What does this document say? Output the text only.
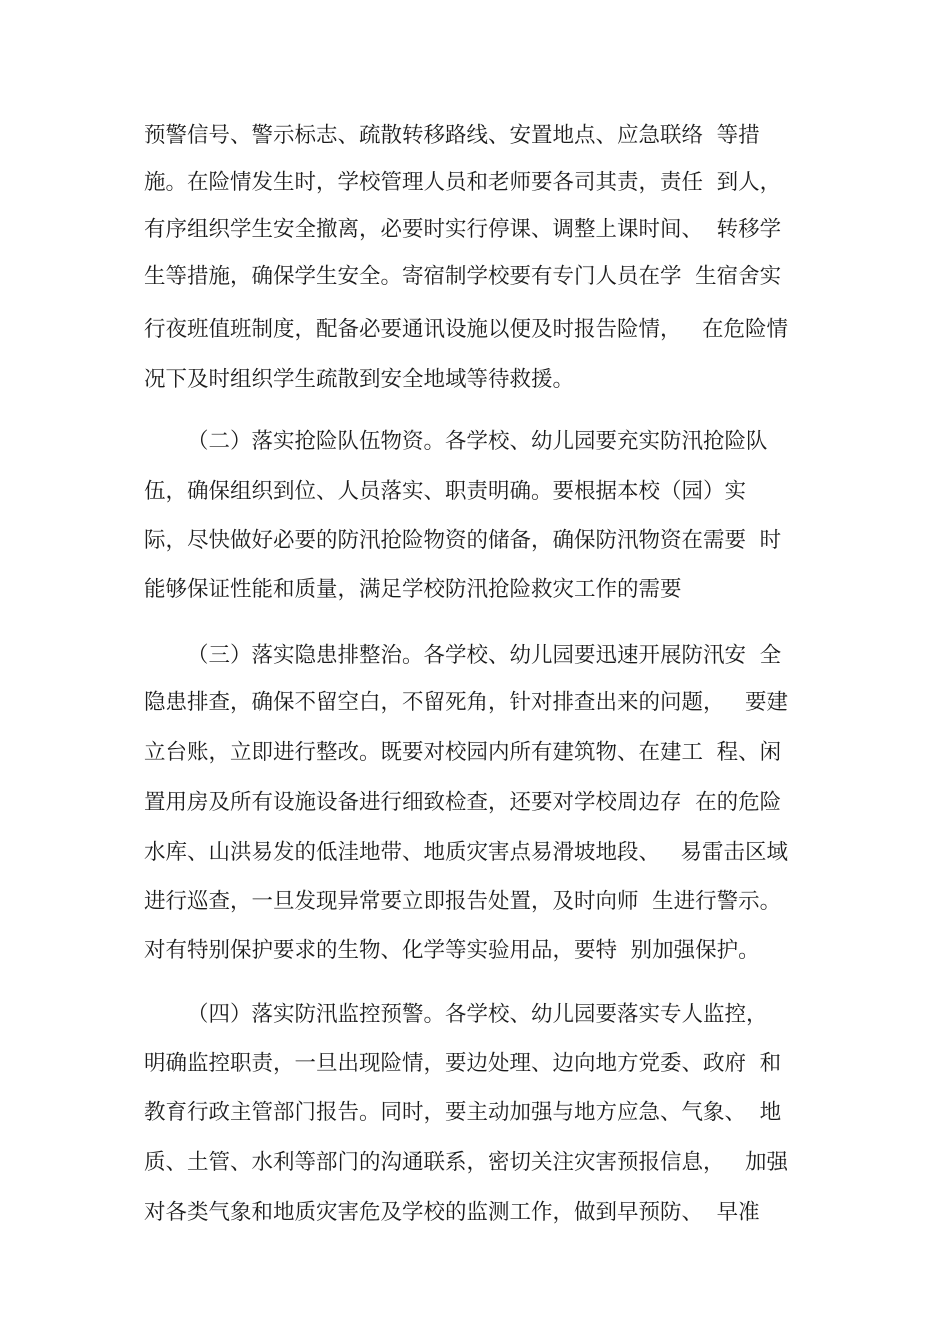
预警信号、警示标志、疏散转移路线、安置地点、应急联络  等措
施。在险情发生时，学校管理人员和老师要各司其责，责任  到人，
有序组织学生安全撤离，必要时实行停课、调整上课时间、  转移学
生等措施，确保学生安全。寄宿制学校要有专门人员在学  生宿舍实
行夜班值班制度，配备必要通讯设施以便及时报告险情，   在危险情
况下及时组织学生疏散到安全地域等待救援。
（二）落实抢险队伍物资。各学校、幼儿园要充实防汛抢险队
伍，确保组织到位、人员落实、职责明确。要根据本校（园）实
际，尽快做好必要的防汛抢险物资的储备，确保防汛物资在需要  时
能够保证性能和质量，满足学校防汛抢险救灾工作的需要
（三）落实隐患排整治。各学校、幼儿园要迅速开展防汛安  全
隐患排查，确保不留空白，不留死角，针对排查出来的问题，   要建
立台账，立即进行整改。既要对校园内所有建筑物、在建工  程、闲
置用房及所有设施设备进行细致检查，还要对学校周边存  在的危险
水库、山洪易发的低洼地带、地质灾害点易滑坡地段、   易雷击区域
进行巡查，一旦发现异常要立即报告处置，及时向师  生进行警示。
对有特别保护要求的生物、化学等实验用品，要特  别加强保护。
（四）落实防汛监控预警。各学校、幼儿园要落实专人监控，
明确监控职责，一旦出现险情，要边处理、边向地方党委、政府  和
教育行政主管部门报告。同时，要主动加强与地方应急、气象、  地
质、土管、水利等部门的沟通联系，密切关注灾害预报信息，   加强
对各类气象和地质灾害危及学校的监测工作，做到早预防、  早准
